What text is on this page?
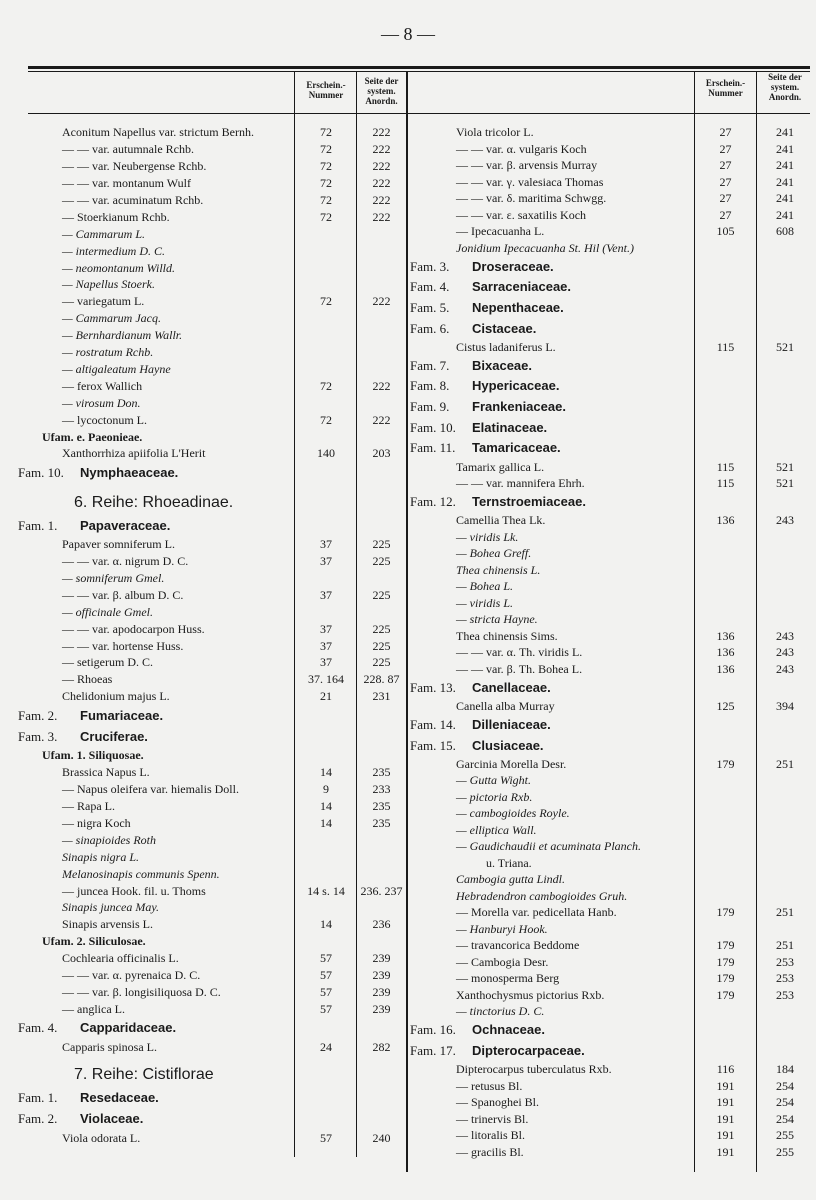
— 8 —
Erschein.-
Nummer
Seite der
system.
Anordn.
Erschein.-
Nummer
Seite der
system.
Anordn.
Aconitum Napellus var. strictum Bernh.	72	222
— — var. autumnale Rchb.	72	222
— — var. Neubergense Rchb.	72	222
— — var. montanum Wulf	72	222
— — var. acuminatum Rchb.	72	222
— Stoerkianum Rchb.	72	222
— Cammarum L.
— intermedium D. C.
— neomontanum Willd.
— Napellus Stoerk.
— variegatum L.	72	222
— Cammarum Jacq.
— Bernhardianum Wallr.
— rostratum Rchb.
— altigaleatum Hayne
— ferox Wallich	72	222
— virosum Don.
— lycoctonum L.	72	222
Ufam. e. Paeonieae.
Xanthorrhiza apiifolia L'Herit	140	203
Fam. 10. Nymphaeaceae.
6. Reihe: Rhoeadinae.
Fam. 1. Papaveraceae.
Papaver somniferum L.	37	225
— — var. α. nigrum D. C.	37	225
— somniferum Gmel.
— — var. β. album D. C.	37	225
— officinale Gmel.
— — var. apodocarpon Huss.	37	225
— — var. hortense Huss.	37	225
— setigerum D. C.	37	225
— Rhoeas	37. 164	228. 87
Chelidonium majus L.	21	231
Fam. 2. Fumariaceae.
Fam. 3. Cruciferae.
Ufam. 1. Siliquosae.
Brassica Napus L.	14	235
— Napus oleifera var. hiemalis Doll.	9	233
— Rapa L.	14	235
— nigra Koch	14	235
— sinapioides Roth
Sinapis nigra L.
Melanosinapis communis Spenn.
— juncea Hook. fil. u. Thoms	14 s. 14	236. 237
Sinapis juncea May.
Sinapis arvensis L.	14	236
Ufam. 2. Siliculosae.
Cochlearia officinalis L.	57	239
— — var. α. pyrenaica D. C.	57	239
— — var. β. longisiliquosa D. C.	57	239
— anglica L.	57	239
Fam. 4. Capparidaceae.
Capparis spinosa L.	24	282
7. Reihe: Cistiflorae
Fam. 1. Resedaceae.
Fam. 2. Violaceae.
Viola odorata L.	57	240
Viola tricolor L.	27	241
— — var. α. vulgaris Koch	27	241
— — var. β. arvensis Murray	27	241
— — var. γ. valesiaca Thomas	27	241
— — var. δ. maritima Schwgg.	27	241
— — var. ε. saxatilis Koch	27	241
— Ipecacuanha L.	105	608
Jonidium Ipecacuanha St. Hil (Vent.)
Fam. 3. Droseraceae.
Fam. 4. Sarraceniaceae.
Fam. 5. Nepenthaceae.
Fam. 6. Cistaceae.
Cistus ladaniferus L.	115	521
Fam. 7. Bixaceae.
Fam. 8. Hypericaceae.
Fam. 9. Frankeniaceae.
Fam. 10. Elatinaceae.
Fam. 11. Tamaricaceae.
Tamarix gallica L.	115	521
— — var. mannifera Ehrh.	115	521
Fam. 12. Ternstroemiaceae.
Camellia Thea Lk.	136	243
— viridis Lk.
— Bohea Greff.
Thea chinensis L.
— Bohea L.
— viridis L.
— stricta Hayne.
Thea chinensis Sims.	136	243
— — var. α. Th. viridis L.	136	243
— — var. β. Th. Bohea L.	136	243
Fam. 13. Canellaceae.
Canella alba Murray	125	394
Fam. 14. Dilleniaceae.
Fam. 15. Clusiaceae.
Garcinia Morella Desr.	179	251
— Gutta Wight.
— pictoria Rxb.
— cambogioides Royle.
— elliptica Wall.
— Gaudichaudii et acuminata Planch.
u. Triana.
Cambogia gutta Lindl.
Hebradendron cambogioides Gruh.
— Morella var. pedicellata Hanb.	179	251
— Hanburyi Hook.
— travancorica Beddome	179	251
— Cambogia Desr.	179	253
— monosperma Berg	179	253
Xanthochysmus pictorius Rxb.	179	253
— tinctorius D. C.
Fam. 16. Ochnaceae.
Fam. 17. Dipterocarpaceae.
Dipterocarpus tuberculatus Rxb.	116	184
— retusus Bl.	191	254
— Spanoghei Bl.	191	254
— trinervis Bl.	191	254
— litoralis Bl.	191	255
— gracilis Bl.	191	255
